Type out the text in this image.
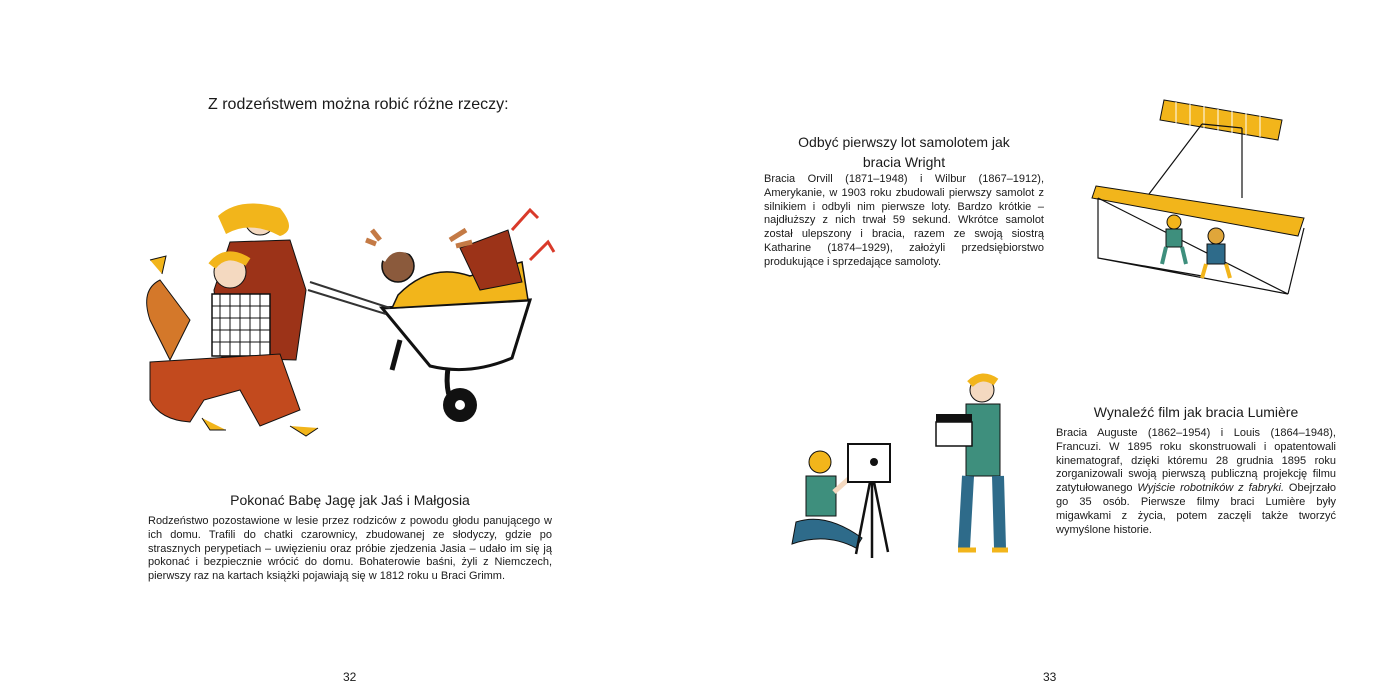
Z rodzeństwem można robić różne rzeczy:
Pokonać Babę Jagę jak Jaś i Małgosia
Rodzeństwo pozostawione w lesie przez rodziców z powodu głodu panującego w ich domu. Trafili do chatki czarownicy, zbudowanej ze słodyczy, gdzie po strasznych perypetiach – uwięzieniu oraz próbie zjedzenia Jasia – udało im się ją pokonać i bezpiecznie wrócić do domu. Bohaterowie baśni, żyli z Niemczech, pierwszy raz na kartach książki pojawiają się w 1812 roku u Braci Grimm.
32
Odbyć pierwszy lot samolotem jak
bracia Wright
Bracia Orvill (1871–1948) i Wilbur (1867–1912), Amerykanie, w 1903 roku zbudowali pierwszy samolot z silnikiem i odbyli nim pierwsze loty. Bardzo krótkie – najdłuższy z nich trwał 59 sekund. Wkrótce samolot został ulepszony i bracia, razem ze swoją siostrą Katharine (1874–1929), założyli przedsiębiorstwo produkujące i sprzedające samoloty.
Wynaleźć film jak bracia Lumière
Bracia Auguste (1862–1954) i Louis (1864–1948), Francuzi. W 1895 roku skonstruowali i opatentowali kinematograf, dzięki któremu 28 grudnia 1895 roku zorganizowali swoją pierwszą publiczną projekcję filmu zatytułowanego Wyjście robotników z fabryki. Obejrzało go 35 osób. Pierwsze filmy braci Lumière były migawkami z życia, potem zaczęli także tworzyć wymyślone historie.
33
